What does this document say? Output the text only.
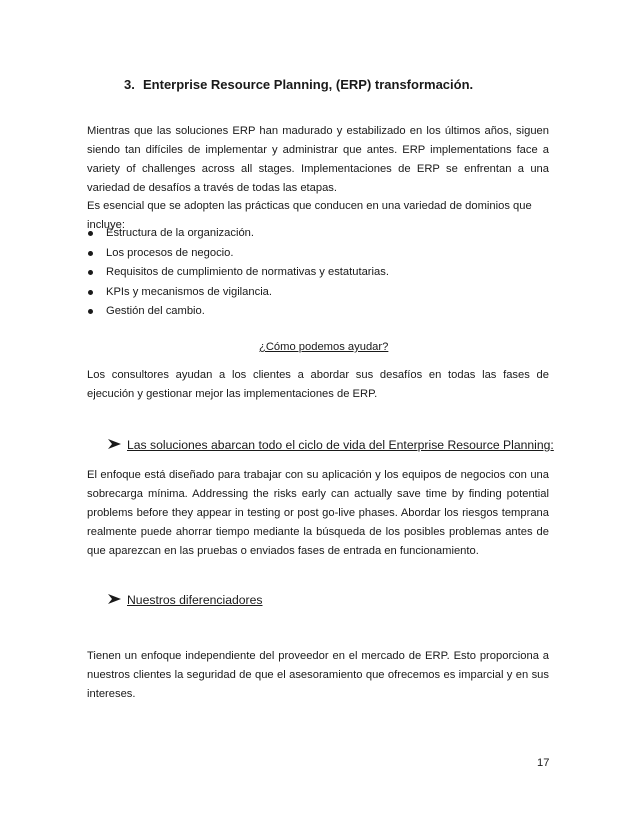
3. Enterprise Resource Planning, (ERP) transformación.

Mientras que las soluciones ERP han madurado y estabilizado en los últimos años, siguen siendo tan difíciles de implementar y administrar que antes. ERP implementations face a variety of challenges across all stages. Implementaciones de ERP se enfrentan a una variedad de desafíos a través de todas las etapas.

Es esencial que se adopten las prácticas que conducen en una variedad de dominios que incluye:

Estructura de la organización.
Los procesos de negocio.
Requisitos de cumplimiento de normativas y estatutarias.
KPIs y mecanismos de vigilancia.
Gestión del cambio.
¿Cómo podemos ayudar?

Los consultores ayudan a los clientes a abordar sus desafíos en todas las fases de ejecución y gestionar mejor las implementaciones de ERP.

Las soluciones abarcan todo el ciclo de vida del Enterprise Resource Planning:

El enfoque está diseñado para trabajar con su aplicación y los equipos de negocios con una sobrecarga mínima. Addressing the risks early can actually save time by finding potential problems before they appear in testing or post go-live phases. Abordar los riesgos temprana realmente puede ahorrar tiempo mediante la búsqueda de los posibles problemas antes de que aparezcan en las pruebas o enviados fases de entrada en funcionamiento.

Nuestros diferenciadores

Tienen un enfoque independiente del proveedor en el mercado de ERP. Esto proporciona a nuestros clientes la seguridad de que el asesoramiento que ofrecemos es imparcial y en sus intereses.

17
